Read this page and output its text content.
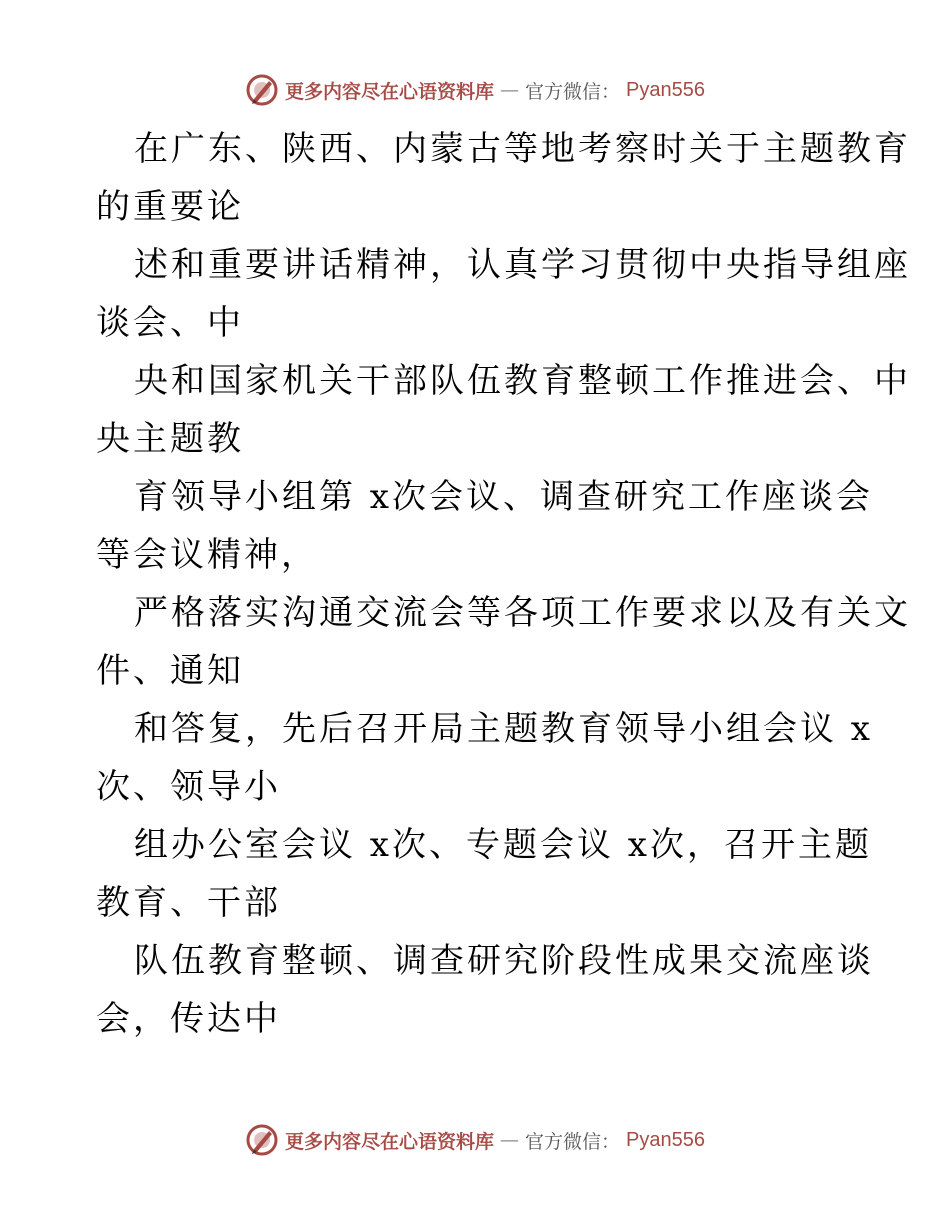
更多内容尽在心语资料库 — 官方微信： Pyan556
在广东、陕西、内蒙古等地考察时关于主题教育
的重要论
述和重要讲话精神，认真学习贯彻中央指导组座
谈会、中
央和国家机关干部队伍教育整顿工作推进会、中
央主题教
育领导小组第 x次会议、调查研究工作座谈会
等会议精神，
严格落实沟通交流会等各项工作要求以及有关文
件、通知
和答复，先后召开局主题教育领导小组会议 x
次、领导小
组办公室会议 x次、专题会议 x次，召开主题
教育、干部
队伍教育整顿、调查研究阶段性成果交流座谈
会，传达中
更多内容尽在心语资料库 — 官方微信： Pyan556
